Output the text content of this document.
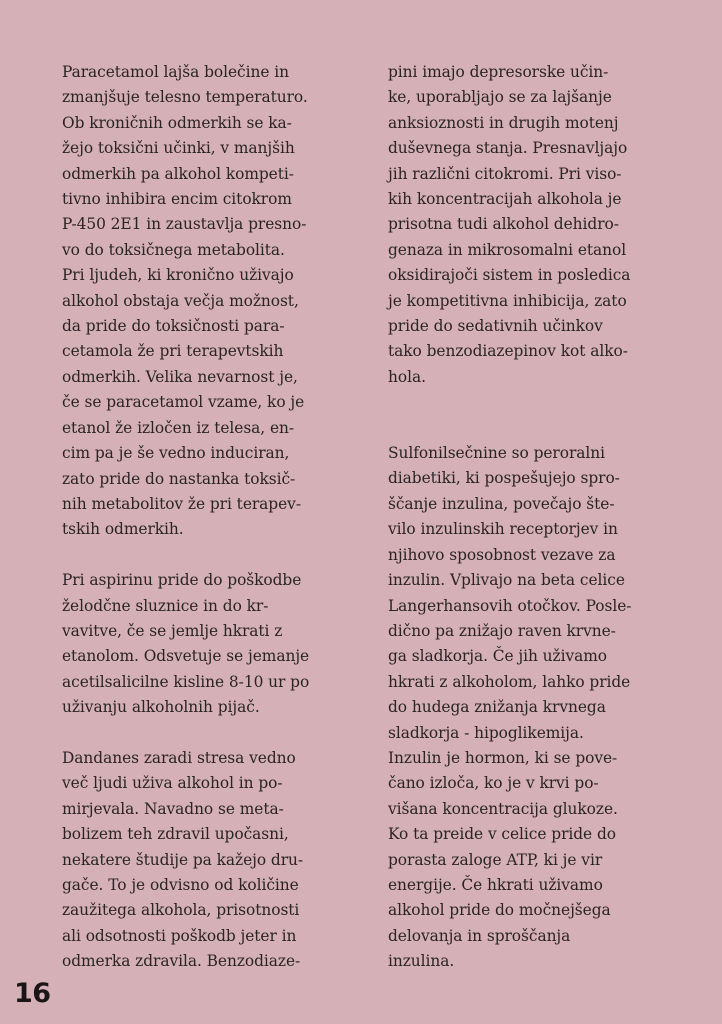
Paracetamol lajša bolečine in
zmanjšuje telesno temperaturo.
Ob kroničnih odmerkih se ka-
žejo toksični učinki, v manjših
odmerkih pa alkohol kompeti-
tivno inhibira encim citokrom
P-450 2E1 in zaustavlja presno-
vo do toksičnega metabolita.
Pri ljudeh, ki kronično uživajo
alkohol obstaja večja možnost,
da pride do toksičnosti para-
cetamola že pri terapevtskih
odmerkih. Velika nevarnost je,
če se paracetamol vzame, ko je
etanol že izločen iz telesa, en-
cim pa je še vedno induciran,
zato pride do nastanka toksič-
nih metabolitov že pri terapev-
tskih odmerkih.
Pri aspirinu pride do poškodbe
želodčne sluznice in do kr-
vavitve, če se jemlje hkrati z
etanolom. Odsvetuje se jemanje
acetilsalicilne kisline 8-10 ur po
uživanju alkoholnih pijač.
Dandanes zaradi stresa vedno
več ljudi uživa alkohol in po-
mirjevala. Navadno se meta-
bolizem teh zdravil upočasni,
nekatere študije pa kažejo dru-
gače. To je odvisno od količine
zaužitega alkohola, prisotnosti
ali odsotnosti poškodb jeter in
odmerka zdravila. Benzodiaze-
pini imajo depresorske učin-
ke, uporabljajo se za lajšanje
anksioznosti in drugih motenj
duševnega stanja. Presnavljajo
jih različni citokromi. Pri viso-
kih koncentracijah alkohola je
prisotna tudi alkohol dehidro-
genaza in mikrosomalni etanol
oksidirajoči sistem in posledica
je kompetitivna inhibicija, zato
pride do sedativnih učinkov
tako benzodiazepinov kot alko-
hola.
Sulfonilsečnine so peroralni
diabetiki, ki pospešujejo spro-
ščanje inzulina, povečajo šte-
vilo inzulinskih receptorjev in
njihovo sposobnost vezave za
inzulin. Vplivajo na beta celice
Langerhansovih otočkov. Posle-
dično pa znižajo raven krvne-
ga sladkorja. Če jih uživamo
hkrati z alkoholom, lahko pride
do hudega znižanja krvnega
sladkorja - hipoglikemija.
Inzulin je hormon, ki se pove-
čano izloča, ko je v krvi po-
višana koncentracija glukoze.
Ko ta preide v celice pride do
porasta zaloge ATP, ki je vir
energije. Če hkrati uživamo
alkohol pride do močnejšega
delovanja in sproščanja
inzulina.
16
